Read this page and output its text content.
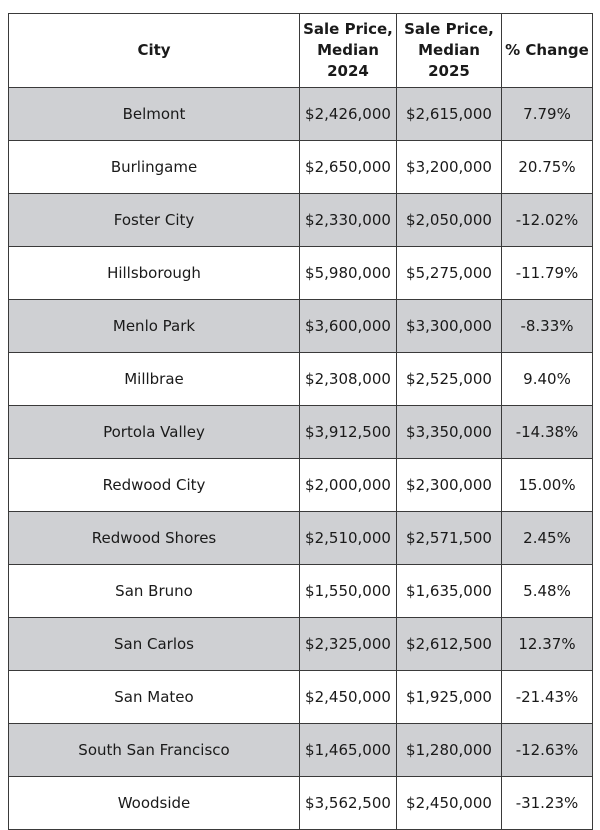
City	Sale Price, Median 2024	Sale Price, Median 2025	% Change
Belmont	$2,426,000	$2,615,000	7.79%
Burlingame	$2,650,000	$3,200,000	20.75%
Foster City	$2,330,000	$2,050,000	-12.02%
Hillsborough	$5,980,000	$5,275,000	-11.79%
Menlo Park	$3,600,000	$3,300,000	-8.33%
Millbrae	$2,308,000	$2,525,000	9.40%
Portola Valley	$3,912,500	$3,350,000	-14.38%
Redwood City	$2,000,000	$2,300,000	15.00%
Redwood Shores	$2,510,000	$2,571,500	2.45%
San Bruno	$1,550,000	$1,635,000	5.48%
San Carlos	$2,325,000	$2,612,500	12.37%
San Mateo	$2,450,000	$1,925,000	-21.43%
South San Francisco	$1,465,000	$1,280,000	-12.63%
Woodside	$3,562,500	$2,450,000	-31.23%
